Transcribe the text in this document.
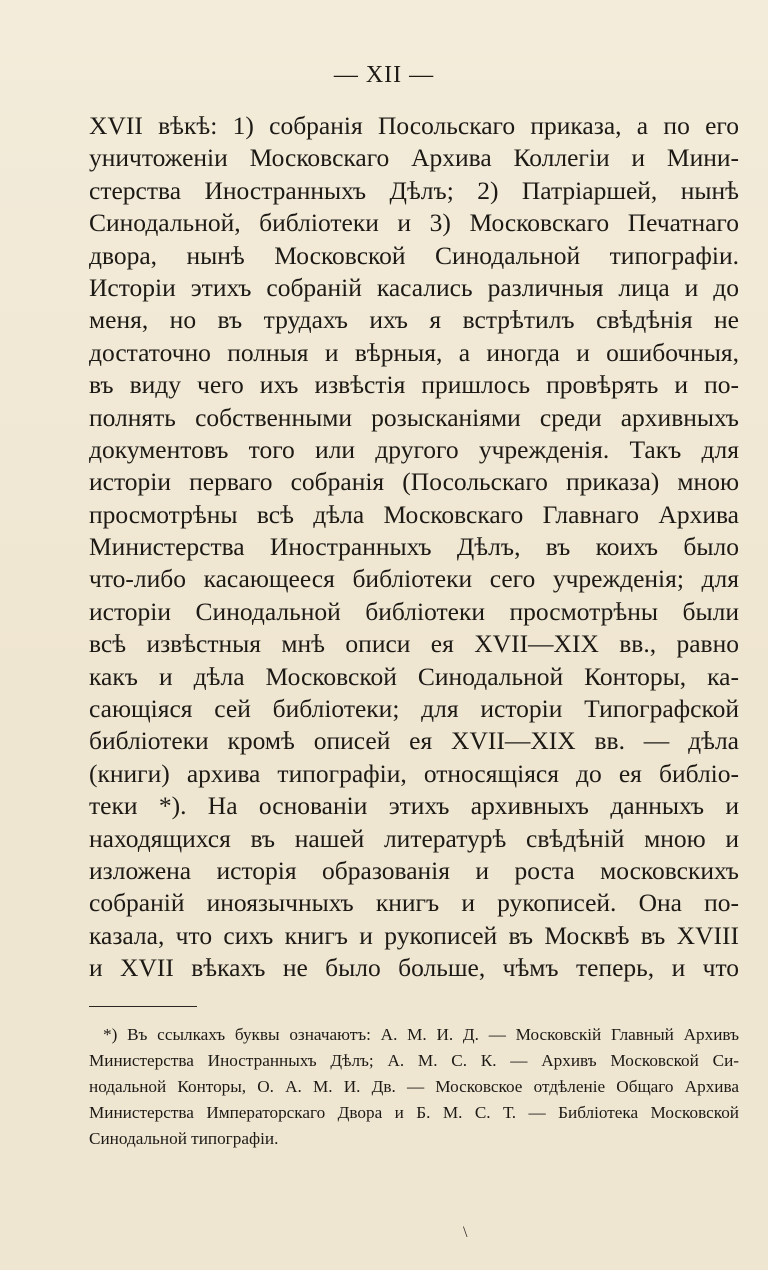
— XII —
XVII вѣкѣ: 1) собранія Посольскаго приказа, а по его
уничтоженіи Московскаго Архива Коллегіи и Мини-
стерства Иностранныхъ Дѣлъ; 2) Патріаршей, нынѣ
Синодальной, библіотеки и 3) Московскаго Печатнаго
двора, нынѣ Московской Синодальной типографіи.
Исторіи этихъ собраній касались различныя лица и до
меня, но въ трудахъ ихъ я встрѣтилъ свѣдѣнія не
достаточно полныя и вѣрныя, а иногда и ошибочныя,
въ виду чего ихъ извѣстія пришлось провѣрять и по-
полнять собственными розысканіями среди архивныхъ
документовъ того или другого учрежденія. Такъ для
исторіи перваго собранія (Посольскаго приказа) мною
просмотрѣны всѣ дѣла Московскаго Главнаго Архива
Министерства Иностранныхъ Дѣлъ, въ коихъ было
что-либо касающееся библіотеки сего учрежденія; для
исторіи Синодальной библіотеки просмотрѣны были
всѣ извѣстныя мнѣ описи ея XVII—XIX вв., равно
какъ и дѣла Московской Синодальной Конторы, ка-
сающіяся сей библіотеки; для исторіи Типографской
библіотеки кромѣ описей ея XVII—XIX вв. — дѣла
(книги) архива типографіи, относящіяся до ея библіо-
теки *). На основаніи этихъ архивныхъ данныхъ и
находящихся въ нашей литературѣ свѣдѣній мною и
изложена исторія образованія и роста московскихъ
собраній иноязычныхъ книгъ и рукописей. Она по-
казала, что сихъ книгъ и рукописей въ Москвѣ въ XVIII
и XVII вѣкахъ не было больше, чѣмъ теперь, и что
*) Въ ссылкахъ буквы означаютъ: А. М. И. Д. — Московскій Главный Архивъ
Министерства Иностранныхъ Дѣлъ; А. М. С. К. — Архивъ Московской Си-
нодальной Конторы, О. А. М. И. Дв. — Московское отдѣленіе Общаго Архива
Министерства Императорскаго Двора и Б. М. С. Т. — Библіотека Московской
Синодальной типографіи.
\
